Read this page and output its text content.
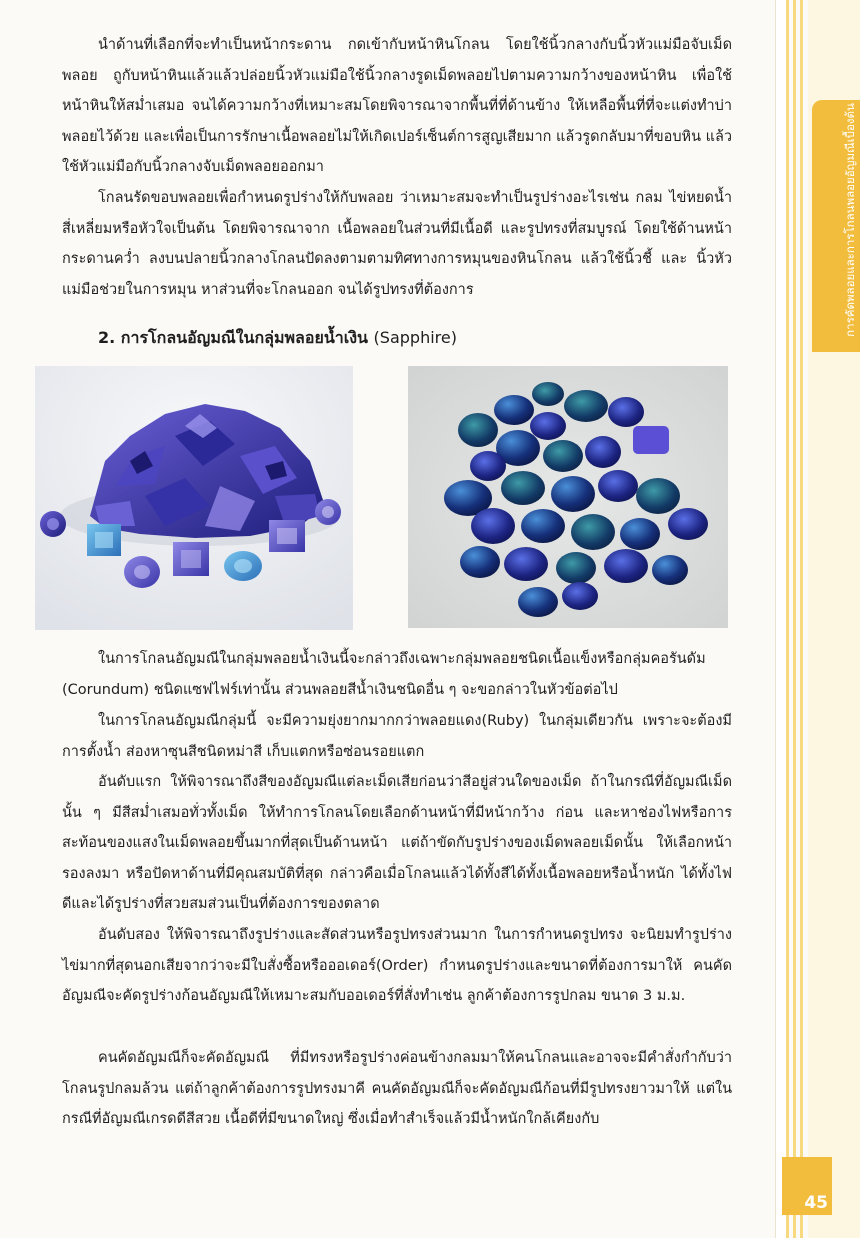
นำด้านที่เลือกที่จะทำเป็นหน้ากระดาน กดเข้ากับหน้าหินโกลน โดยใช้นิ้วกลางกับนิ้วหัวแม่มือจับเม็ดพลอย ถูกับหน้าหินแล้วแล้วปล่อยนิ้วหัวแม่มือใช้นิ้วกลางรูดเม็ดพลอยไปตามความกว้างของหน้าหิน เพื่อใช้หน้าหินให้สม่ำเสมอ จนได้ความกว้างที่เหมาะสมโดยพิจารณาจากพื้นที่ที่ด้านข้าง ให้เหลือพื้นที่ที่จะแต่งทำบ่าพลอยไว้ด้วย และเพื่อเป็นการรักษาเนื้อพลอยไม่ให้เกิดเปอร์เซ็นต์การสูญเสียมาก แล้วรูดกลับมาที่ขอบหิน แล้วใช้หัวแม่มือกับนิ้วกลางจับเม็ดพลอยออกมา

โกลนรัดขอบพลอยเพื่อกำหนดรูปร่างให้กับพลอย ว่าเหมาะสมจะทำเป็นรูปร่างอะไรเช่น กลม ไข่หยดน้ำ สี่เหลี่ยมหรือหัวใจเป็นต้น โดยพิจารณาจาก เนื้อพลอยในส่วนที่มีเนื้อดี และรูปทรงที่สมบูรณ์ โดยใช้ด้านหน้ากระดานคว่ำ ลงบนปลายนิ้วกลางโกลนปัดลงตามตามทิศทางการหมุนของหินโกลน แล้วใช้นิ้วชี้ และ นิ้วหัวแม่มือช่วยในการหมุน หาส่วนที่จะโกลนออก จนได้รูปทรงที่ต้องการ

2. การโกลนอัญมณีในกลุ่มพลอยน้ำเงิน (Sapphire)

ในการโกลนอัญมณีในกลุ่มพลอยน้ำเงินนี้จะกล่าวถึงเฉพาะกลุ่มพลอยชนิดเนื้อแข็งหรือกลุ่มคอรันดัม (Corundum) ชนิดแซฟไฟร์เท่านั้น ส่วนพลอยสีน้ำเงินชนิดอื่น ๆ จะขอกล่าวในหัวข้อต่อไป

ในการโกลนอัญมณีกลุ่มนี้ จะมีความยุ่งยากมากกว่าพลอยแดง(Ruby) ในกลุ่มเดียวกัน เพราะจะต้องมีการตั้งน้ำ ส่องหาซุนสีชนิดหม่าสี เก็บแตกหรือซ่อนรอยแตก

อันดับแรก ให้พิจารณาถึงสีของอัญมณีแต่ละเม็ดเสียก่อนว่าสีอยู่ส่วนใดของเม็ด ถ้าในกรณีที่อัญมณีเม็ดนั้น ๆ มีสีสม่ำเสมอทั่วทั้งเม็ด ให้ทำการโกลนโดยเลือกด้านหน้าที่มีหน้ากว้าง ก่อน และหาช่องไฟหรือการสะท้อนของแสงในเม็ดพลอยขึ้นมากที่สุดเป็นด้านหน้า แต่ถ้าขัดกับรูปร่างของเม็ดพลอยเม็ดนั้น ให้เลือกหน้ารองลงมา หรือปัดหาด้านที่มีคุณสมบัติที่สุด กล่าวคือเมื่อโกลนแล้วได้ทั้งสีได้ทั้งเนื้อพลอยหรือน้ำหนัก ได้ทั้งไฟดีและได้รูปร่างที่สวยสมส่วนเป็นที่ต้องการของตลาด

อันดับสอง ให้พิจารณาถึงรูปร่างและสัดส่วนหรือรูปทรงส่วนมาก ในการกำหนดรูปทรง จะนิยมทำรูปร่างไข่มากที่สุดนอกเสียจากว่าจะมีใบสั่งซื้อหรือออเดอร์(Order) กำหนดรูปร่างและขนาดที่ต้องการมาให้ คนคัดอัญมณีจะคัดรูปร่างก้อนอัญมณีให้เหมาะสมกับออเดอร์ที่สั่งทำเช่น ลูกค้าต้องการรูปกลม ขนาด 3 ม.ม.

คนคัดอัญมณีก็จะคัดอัญมณี ที่มีทรงหรือรูปร่างค่อนข้างกลมมาให้คนโกลนและอาจจะมีคำสั่งกำกับว่าโกลนรูปกลมล้วน แต่ถ้าลูกค้าต้องการรูปทรงมาคี คนคัดอัญมณีก็จะคัดอัญมณีก้อนที่มีรูปทรงยาวมาให้ แต่ในกรณีที่อัญมณีเกรดดีสีสวย เนื้อดีที่มีขนาดใหญ่ ซึ่งเมื่อทำสำเร็จแล้วมีน้ำหนักใกล้เคียงกับ

การคัดพลอยและการโกลนพลอยอัญมณีเบื้องต้น
45
